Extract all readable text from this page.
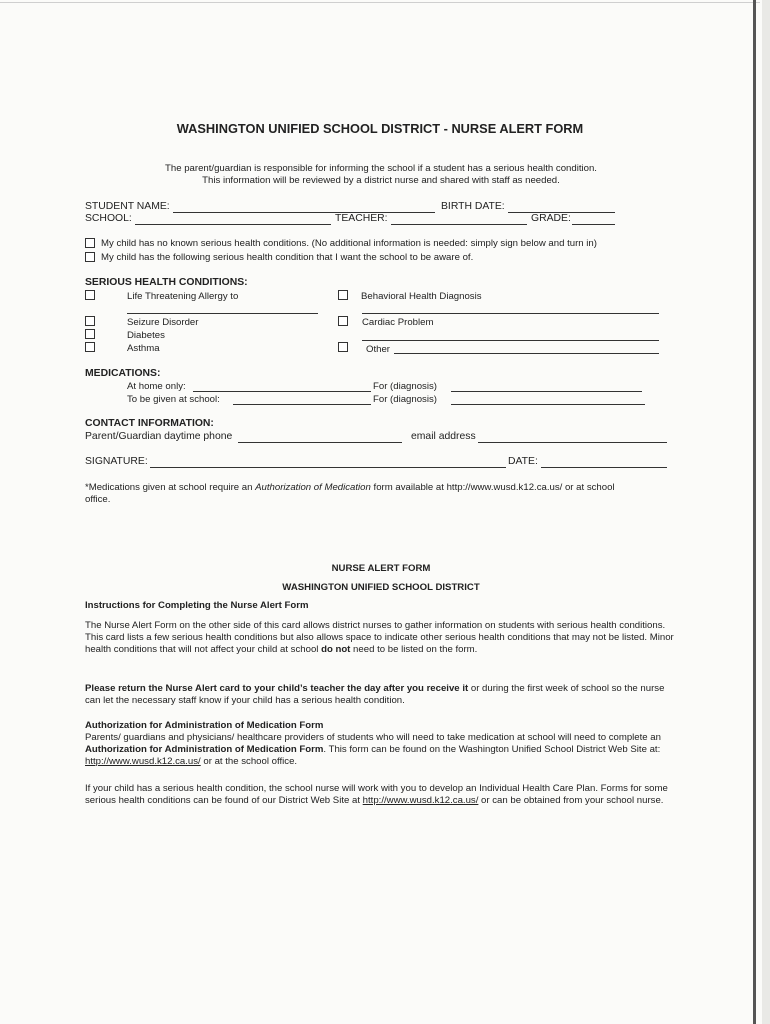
WASHINGTON UNIFIED SCHOOL DISTRICT - NURSE ALERT FORM
The parent/guardian is responsible for informing the school if a student has a serious health condition.
This information will be reviewed by a district nurse and shared with staff as needed.
STUDENT NAME:	BIRTH DATE:
SCHOOL:	TEACHER:	GRADE:
My child has no known serious health conditions. (No additional information is needed: simply sign below and turn in)
My child has the following serious health condition that I want the school to be aware of.
SERIOUS HEALTH CONDITIONS:
Life Threatening Allergy to	Behavioral Health Diagnosis
Seizure Disorder	Cardiac Problem
Diabetes
Asthma	Other
MEDICATIONS:
At home only:	For (diagnosis)
To be given at school:	For (diagnosis)
CONTACT INFORMATION:
Parent/Guardian daytime phone	email address
SIGNATURE:	DATE:
*Medications given at school require an Authorization of Medication form available at http://www.wusd.k12.ca.us/ or at school
office.
NURSE ALERT FORM
WASHINGTON UNIFIED SCHOOL DISTRICT
Instructions for Completing the Nurse Alert Form
The Nurse Alert Form on the other side of this card allows district nurses to gather information on students with serious health conditions. This card lists a few serious health conditions but also allows space to indicate other serious health conditions that may not be listed. Minor health conditions that will not affect your child at school do not need to be listed on the form.
Please return the Nurse Alert card to your child’s teacher the day after you receive it or during the first week of school so the nurse can let the necessary staff know if your child has a serious health condition.
Authorization for Administration of Medication Form
Parents/ guardians and physicians/ healthcare providers of students who will need to take medication at school will need to complete an Authorization for Administration of Medication Form. This form can be found on the Washington Unified School District Web Site at: http://www.wusd.k12.ca.us/ or at the school office.
If your child has a serious health condition, the school nurse will work with you to develop an Individual Health Care Plan. Forms for some serious health conditions can be found of our District Web Site at http://www.wusd.k12.ca.us/ or can be obtained from your school nurse.
